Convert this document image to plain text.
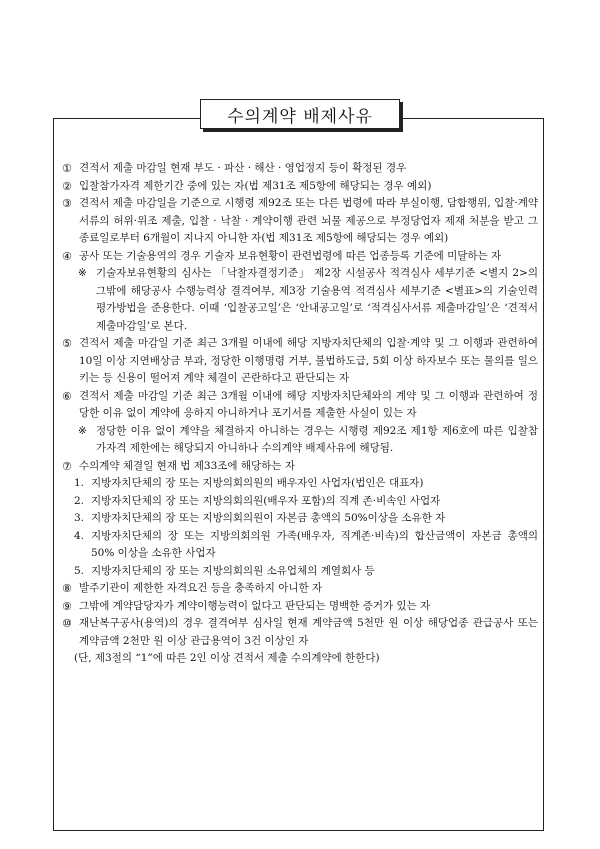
수의계약 배제사유
① 견적서 제출 마감일 현재 부도 · 파산 · 해산 · 영업정지 등이 확정된 경우
② 입찰참가자격 제한기간 중에 있는 자(법 제31조 제5항에 해당되는 경우 예외)
③ 견적서 제출 마감일을 기준으로 시행령 제92조 또는 다른 법령에 따라 부실이행, 담합행위, 입찰·계약 서류의 허위·위조 제출, 입찰 · 낙찰 · 계약이행 관련 뇌물 제공으로 부정당업자 제재 처분을 받고 그 종료일로부터 6개월이 지나지 아니한 자(법 제31조 제5항에 해당되는 경우 예외)
④ 공사 또는 기술용역의 경우 기술자 보유현황이 관련법령에 따른 업종등록 기준에 미달하는 자
※ 기술자보유현황의 심사는 「낙찰자결정기준」 제2장 시설공사 적격심사 세부기준 <별지 2>의 그밖에 해당공사 수행능력상 결격여부, 제3장 기술용역 적격심사 세부기준 <별표>의 기술인력 평가방법을 준용한다. 이때 ‘입찰공고일’은 ‘안내공고일’로 ‘적격심사서류 제출마감일’은 ‘견적서 제출마감일’로 본다.
⑤ 견적서 제출 마감일 기준 최근 3개월 이내에 해당 지방자치단체의 입찰·계약 및 그 이행과 관련하여 10일 이상 지연배상금 부과, 정당한 이행명령 거부, 불법하도급, 5회 이상 하자보수 또는 물의를 일으키는 등 신용이 떨어져 계약 체결이 곤란하다고 판단되는 자
⑥ 견적서 제출 마감일 기준 최근 3개월 이내에 해당 지방자치단체와의 계약 및 그 이행과 관련하여 정당한 이유 없이 계약에 응하지 아니하거나 포기서를 제출한 사실이 있는 자
※ 정당한 이유 없이 계약을 체결하지 아니하는 경우는 시행령 제92조 제1항 제6호에 따른 입찰참가자격 제한에는 해당되지 아니하나 수의계약 배제사유에 해당됨.
⑦ 수의계약 체결일 현재 법 제33조에 해당하는 자
1. 지방자치단체의 장 또는 지방의회의원의 배우자인 사업자(법인은 대표자)
2. 지방자치단체의 장 또는 지방의회의원(배우자 포함)의 직계 존·비속인 사업자
3. 지방자치단체의 장 또는 지방의회의원이 자본금 총액의 50%이상을 소유한 자
4. 지방자치단체의 장 또는 지방의회의원 가족(배우자, 직계존·비속)의 합산금액이 자본금 총액의 50% 이상을 소유한 사업자
5. 지방자치단체의 장 또는 지방의회의원 소유업체의 계열회사 등
⑧ 발주기관이 제한한 자격요건 등을 충족하지 아니한 자
⑨ 그밖에 계약담당자가 계약이행능력이 없다고 판단되는 명백한 증거가 있는 자
⑩ 재난복구공사(용역)의 경우 결격여부 심사일 현재 계약금액 5천만 원 이상 해당업종 관급공사 또는 계약금액 2천만 원 이상 관급용역이 3건 이상인 자
(단, 제3절의 “1”에 따른 2인 이상 견적서 제출 수의계약에 한한다)
